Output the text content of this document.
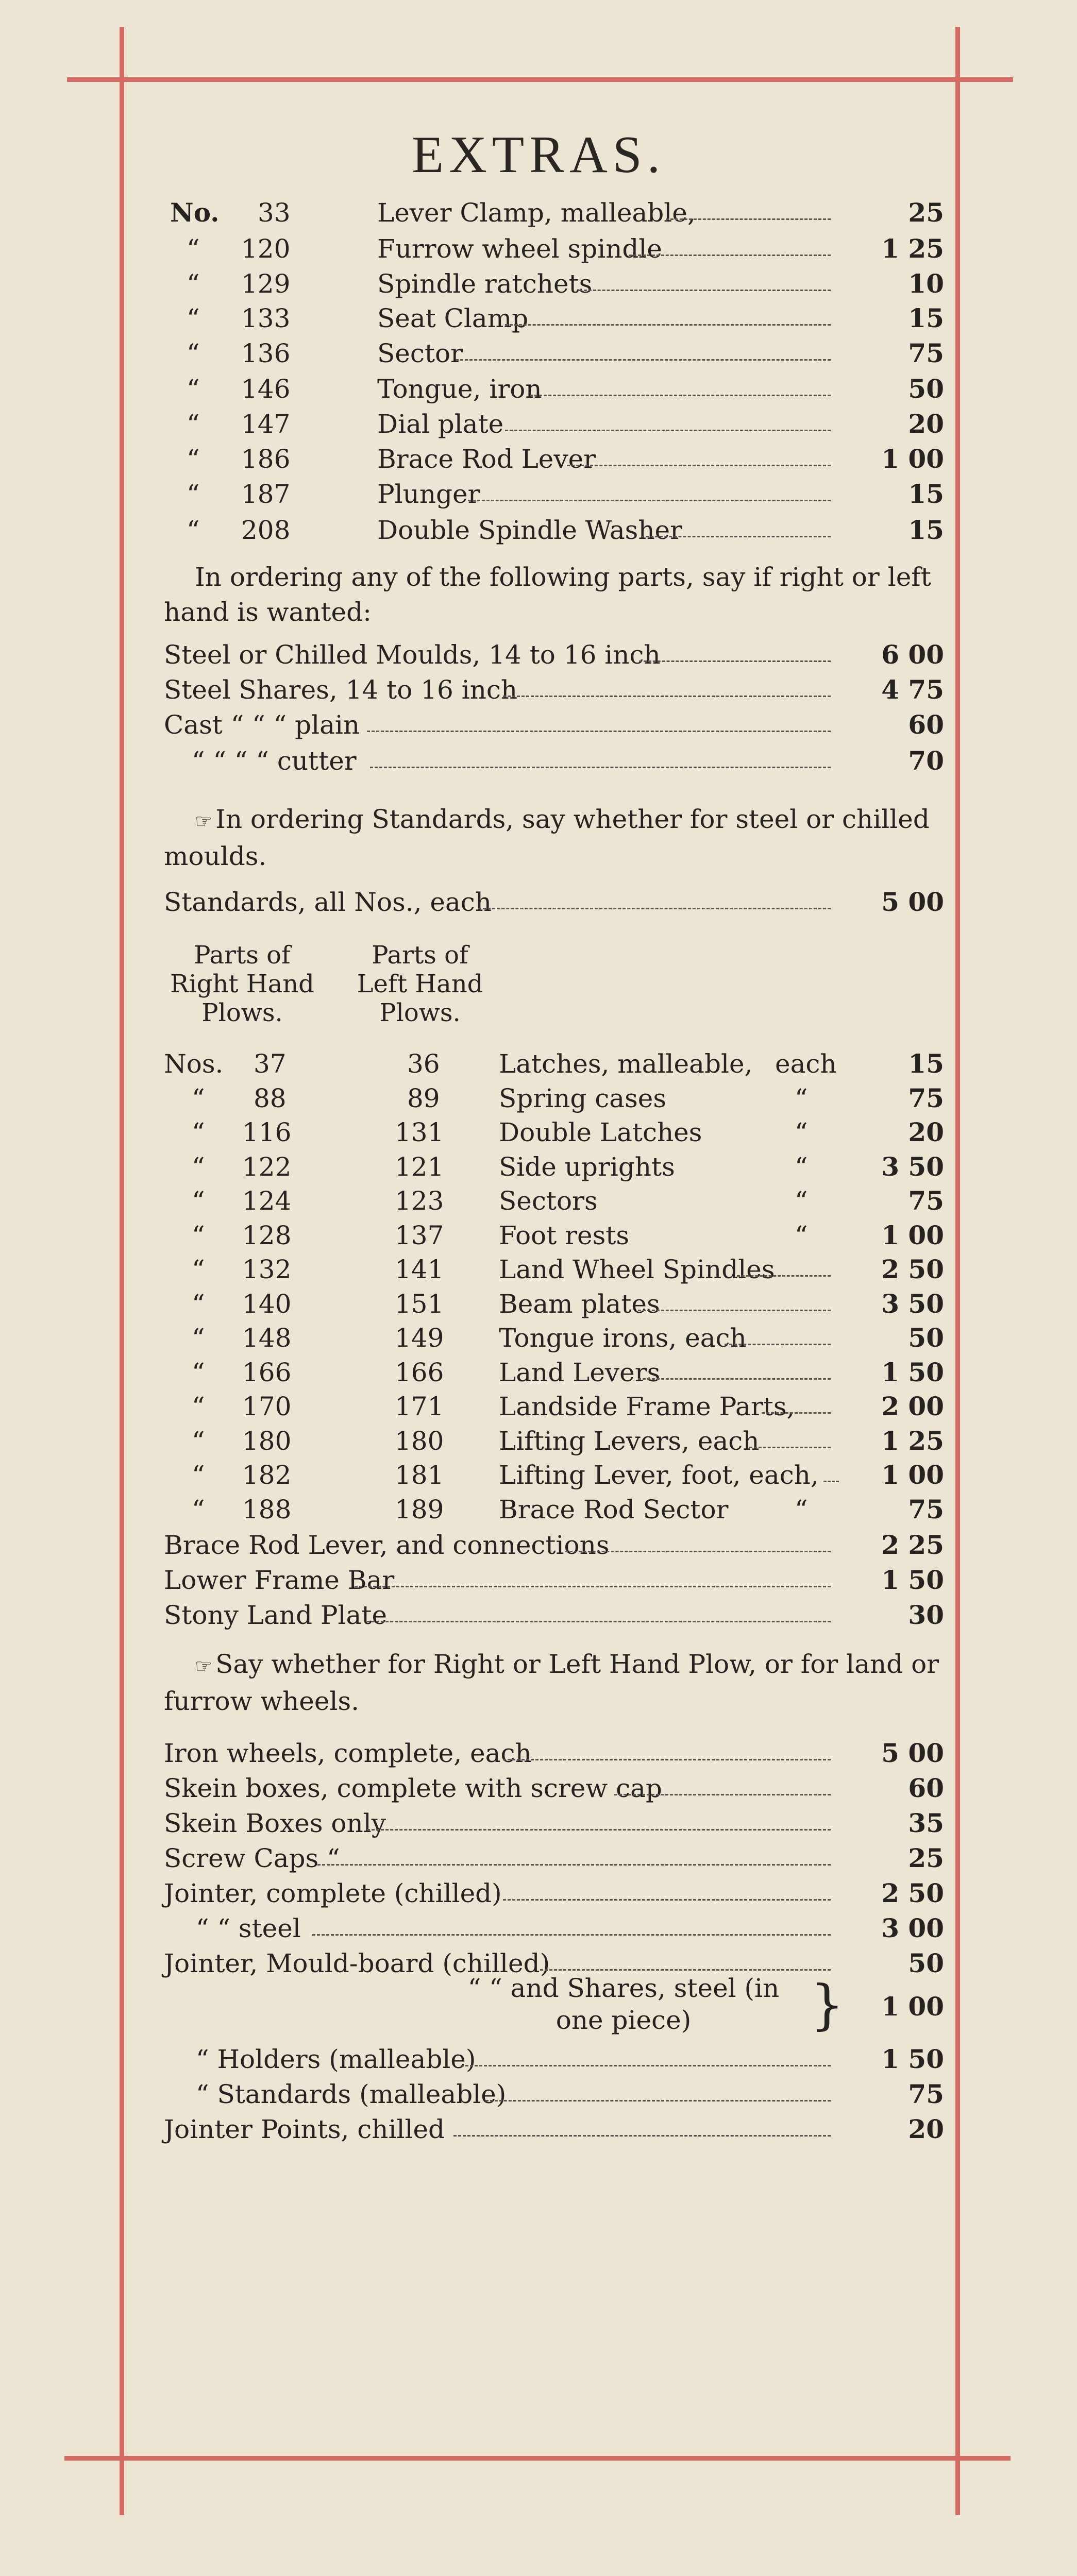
EXTRAS.
No. 33	Lever Clamp, malleable,	25
“ 120	Furrow wheel spindle	1 25
“ 129	Spindle ratchets	10
“ 133	Seat Clamp	15
“ 136	Sector	75
“ 146	Tongue, iron	50
“ 147	Dial plate	20
“ 186	Brace Rod Lever	1 00
“ 187	Plunger	15
“ 208	Double Spindle Washer	15
In ordering any of the following parts, say if right or left hand is wanted:
Steel or Chilled Moulds, 14 to 16 inch	6 00
Steel Shares, 14 to 16 inch	4 75
Cast “ “ “ plain	60
“ “ “ “ cutter	70
☞ In ordering Standards, say whether for steel or chilled moulds.
Standards, all Nos., each	5 00
Parts of
Right Hand
Plows.
Parts of
Left Hand
Plows.
Nos. 37	36 Latches, malleable, each	15
“ 88	89 Spring cases	“	75
“ 116	131 Double Latches	“	20
“ 122	121 Side uprights	“	3 50
“ 124	123 Sectors	“	75
“ 128	137 Foot rests	“	1 00
“ 132	141 Land Wheel Spindles	2 50
“ 140	151 Beam plates	3 50
“ 148	149 Tongue irons, each	50
“ 166	166 Land Levers	1 50
“ 170	171 Landside Frame Parts,	2 00
“ 180	180 Lifting Levers, each	1 25
“ 182	181 Lifting Lever, foot, each, 1 00
“ 188	189 Brace Rod Sector	“	75
Brace Rod Lever, and connections	2 25
Lower Frame Bar	1 50
Stony Land Plate	30
☞ Say whether for Right or Left Hand Plow, or for land or furrow wheels.
Iron wheels, complete, each	5 00
Skein boxes, complete with screw cap	60
Skein Boxes only	35
Screw Caps “	25
Jointer, complete (chilled)	2 50
“ “ steel	3 00
Jointer, Mould-board (chilled)	50
“ “ and Shares, steel (in one piece)	} 1 00
“ Holders (malleable)	1 50
“ Standards (malleable)	75
Jointer Points, chilled	20
